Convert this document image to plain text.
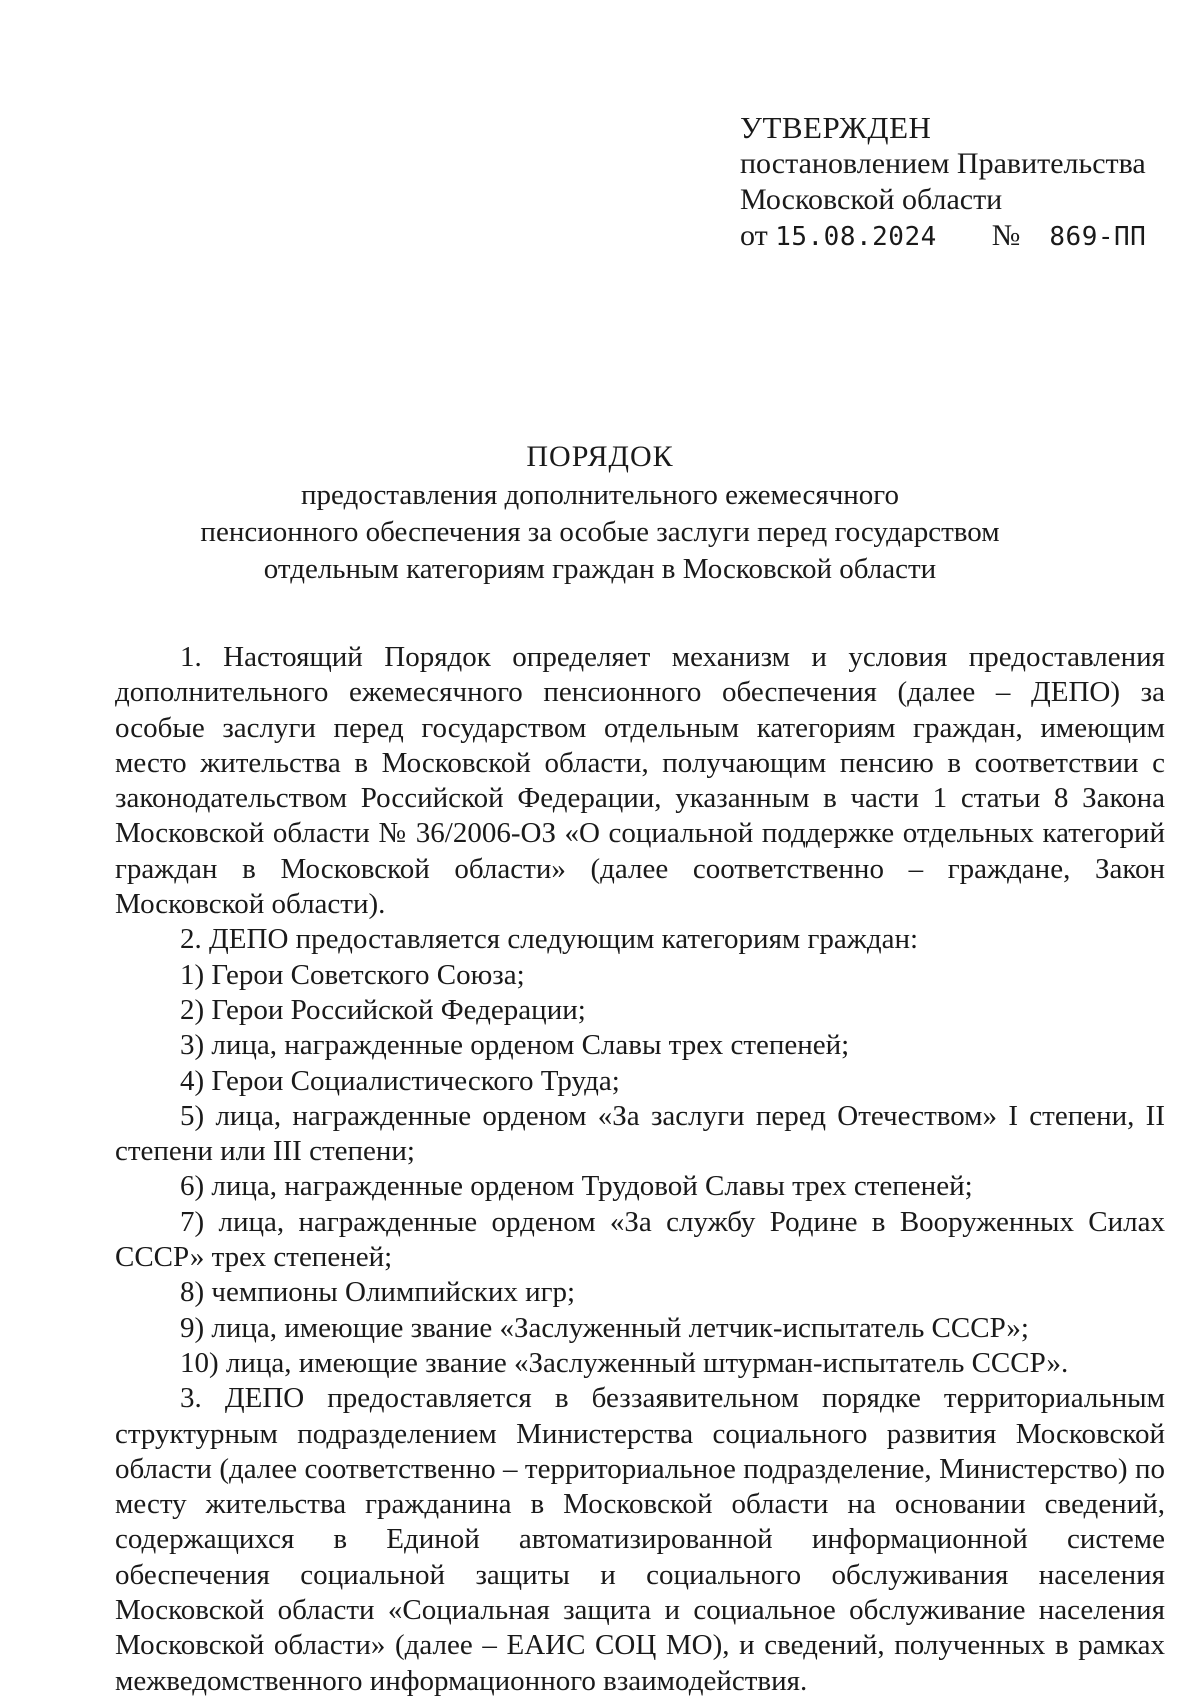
УТВЕРЖДЕН
постановлением Правительства
Московской области
от 15.08.2024 № 869-ПП
ПОРЯДОК
предоставления дополнительного ежемесячного
пенсионного обеспечения за особые заслуги перед государством
отдельным категориям граждан в Московской области

1. Настоящий Порядок определяет механизм и условия предоставления дополнительного ежемесячного пенсионного обеспечения (далее – ДЕПО) за особые заслуги перед государством отдельным категориям граждан, имеющим место жительства в Московской области, получающим пенсию в соответствии с законодательством Российской Федерации, указанным в части 1 статьи 8 Закона Московской области № 36/2006-ОЗ «О социальной поддержке отдельных категорий граждан в Московской области» (далее соответственно – граждане, Закон Московской области).

2. ДЕПО предоставляется следующим категориям граждан:

1) Герои Советского Союза;

2) Герои Российской Федерации;

3) лица, награжденные орденом Славы трех степеней;

4) Герои Социалистического Труда;

5) лица, награжденные орденом «За заслуги перед Отечеством» I степени, II степени или III степени;

6) лица, награжденные орденом Трудовой Славы трех степеней;

7) лица, награжденные орденом «За службу Родине в Вооруженных Силах СССР» трех степеней;

8) чемпионы Олимпийских игр;

9) лица, имеющие звание «Заслуженный летчик-испытатель СССР»;

10) лица, имеющие звание «Заслуженный штурман-испытатель СССР».

3. ДЕПО предоставляется в беззаявительном порядке территориальным структурным подразделением Министерства социального развития Московской области (далее соответственно – территориальное подразделение, Министерство) по месту жительства гражданина в Московской области на основании сведений, содержащихся в Единой автоматизированной информационной системе обеспечения социальной защиты и социального обслуживания населения Московской области «Социальная защита и социальное обслуживание населения Московской области» (далее – ЕАИС СОЦ МО), и сведений, полученных в рамках межведомственного информационного взаимодействия.
